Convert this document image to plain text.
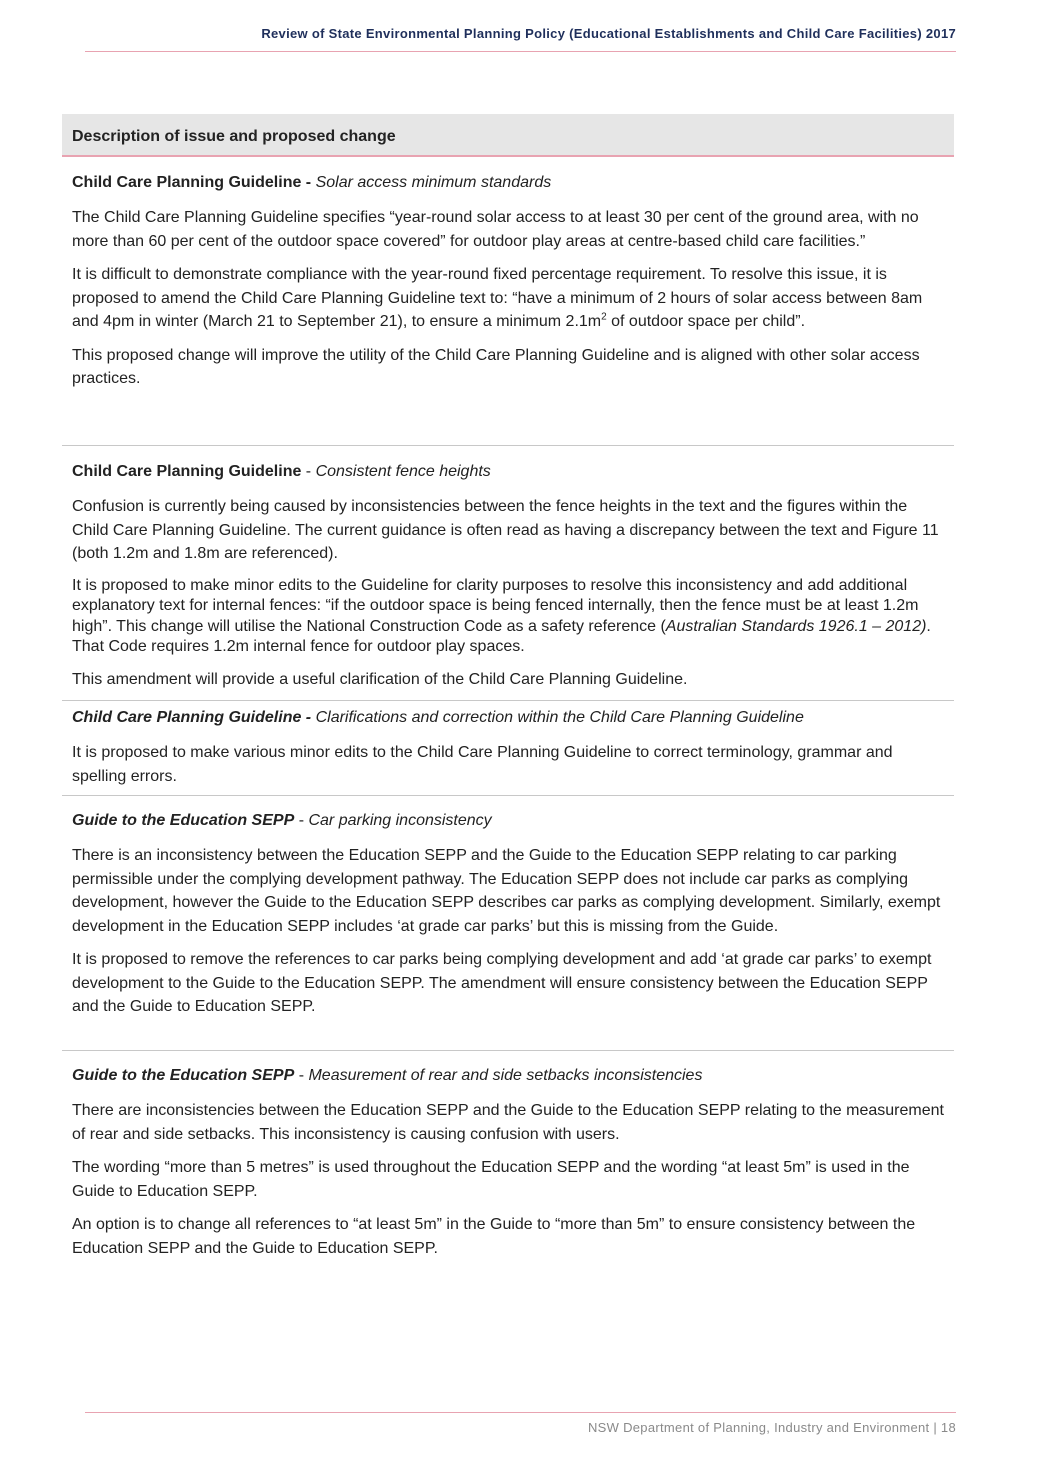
Review of State Environmental Planning Policy (Educational Establishments and Child Care Facilities) 2017
Description of issue and proposed change
Child Care Planning Guideline - Solar access minimum standards

The Child Care Planning Guideline specifies “year-round solar access to at least 30 per cent of the ground area, with no more than 60 per cent of the outdoor space covered” for outdoor play areas at centre-based child care facilities.”

It is difficult to demonstrate compliance with the year-round fixed percentage requirement. To resolve this issue, it is proposed to amend the Child Care Planning Guideline text to: “have a minimum of 2 hours of solar access between 8am and 4pm in winter (March 21 to September 21), to ensure a minimum $2.1m^2$ of outdoor space per child”.

This proposed change will improve the utility of the Child Care Planning Guideline and is aligned with other solar access practices.

Child Care Planning Guideline - Consistent fence heights

Confusion is currently being caused by inconsistencies between the fence heights in the text and the figures within the Child Care Planning Guideline. The current guidance is often read as having a discrepancy between the text and Figure 11 (both 1.2m and 1.8m are referenced).

It is proposed to make minor edits to the Guideline for clarity purposes to resolve this inconsistency and add additional explanatory text for internal fences: “if the outdoor space is being fenced internally, then the fence must be at least 1.2m high”. This change will utilise the National Construction Code as a safety reference (Australian Standards 1926.1 – 2012). That Code requires 1.2m internal fence for outdoor play spaces.

This amendment will provide a useful clarification of the Child Care Planning Guideline.

Child Care Planning Guideline - Clarifications and correction within the Child Care Planning Guideline

It is proposed to make various minor edits to the Child Care Planning Guideline to correct terminology, grammar and spelling errors.

Guide to the Education SEPP - Car parking inconsistency

There is an inconsistency between the Education SEPP and the Guide to the Education SEPP relating to car parking permissible under the complying development pathway. The Education SEPP does not include car parks as complying development, however the Guide to the Education SEPP describes car parks as complying development. Similarly, exempt development in the Education SEPP includes ‘at grade car parks’ but this is missing from the Guide.

It is proposed to remove the references to car parks being complying development and add ‘at grade car parks’ to exempt development to the Guide to the Education SEPP. The amendment will ensure consistency between the Education SEPP and the Guide to Education SEPP.

Guide to the Education SEPP - Measurement of rear and side setbacks inconsistencies

There are inconsistencies between the Education SEPP and the Guide to the Education SEPP relating to the measurement of rear and side setbacks. This inconsistency is causing confusion with users.

The wording “more than 5 metres” is used throughout the Education SEPP and the wording “at least 5m” is used in the Guide to Education SEPP.

An option is to change all references to “at least 5m” in the Guide to “more than 5m” to ensure consistency between the Education SEPP and the Guide to Education SEPP.

NSW Department of Planning, Industry and Environment | 18
